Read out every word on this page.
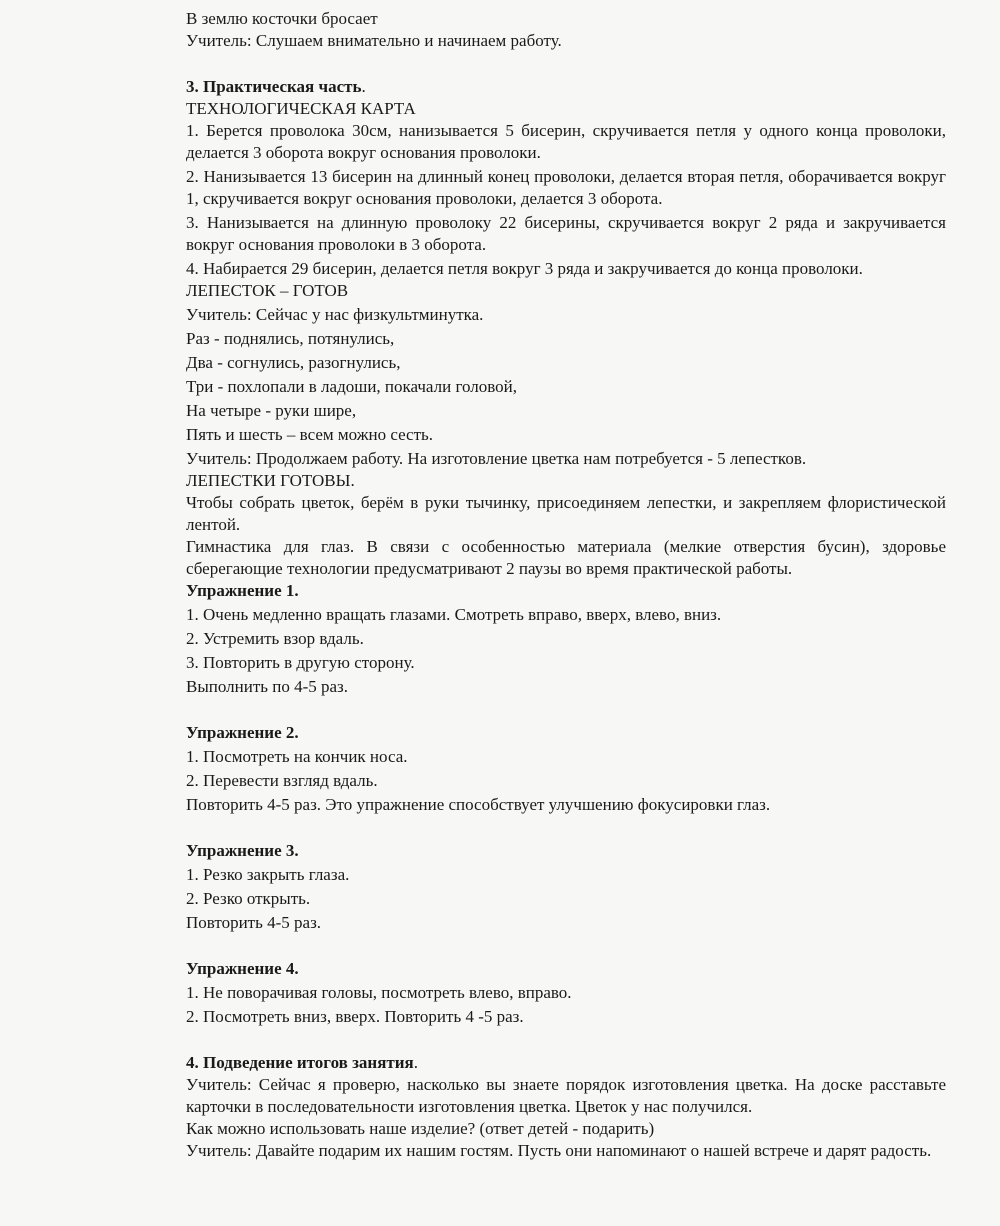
В землю косточки бросает
Учитель: Слушаем внимательно и начинаем работу.
3. Практическая часть.
ТЕХНОЛОГИЧЕСКАЯ КАРТА
1. Берется проволока 30см, нанизывается 5 бисерин, скручивается петля у одного конца проволоки, делается 3 оборота вокруг основания проволоки.
2. Нанизывается 13 бисерин на длинный конец проволоки, делается вторая петля, оборачивается вокруг 1, скручивается вокруг основания проволоки, делается 3 оборота.
3. Нанизывается на длинную проволоку 22 бисерины, скручивается вокруг 2 ряда и закручивается вокруг основания проволоки в 3 оборота.
4. Набирается 29 бисерин, делается петля вокруг 3 ряда и закручивается до конца проволоки.
ЛЕПЕСТОК – ГОТОВ
Учитель: Сейчас у нас физкультминутка.
Раз - поднялись, потянулись,
Два - согнулись, разогнулись,
Три - похлопали в ладоши, покачали головой,
На четыре - руки шире,
Пять и шесть – всем можно сесть.
Учитель: Продолжаем работу. На изготовление цветка нам потребуется - 5 лепестков.
ЛЕПЕСТКИ ГОТОВЫ.
Чтобы собрать цветок, берём в руки тычинку, присоединяем лепестки, и закрепляем флористической лентой.
Гимнастика для глаз. В связи с особенностью материала (мелкие отверстия бусин), здоровье сберегающие технологии предусматривают 2 паузы во время практической работы.
Упражнение 1.
1. Очень медленно вращать глазами. Смотреть вправо, вверх, влево, вниз.
2. Устремить взор вдаль.
3. Повторить в другую сторону.
Выполнить по 4-5 раз.
Упражнение 2.
1. Посмотреть на кончик носа.
2. Перевести взгляд вдаль.
Повторить 4-5 раз. Это упражнение способствует улучшению фокусировки глаз.
Упражнение 3.
1. Резко закрыть глаза.
2. Резко открыть.
Повторить 4-5 раз.
Упражнение 4.
1. Не поворачивая головы, посмотреть влево, вправо.
2. Посмотреть вниз, вверх. Повторить 4 -5 раз.
4. Подведение итогов занятия.
Учитель: Сейчас я проверю, насколько вы знаете порядок изготовления цветка. На доске расставьте карточки в последовательности изготовления цветка. Цветок у нас получился.
Как можно использовать наше изделие? (ответ детей - подарить)
Учитель: Давайте подарим их нашим гостям. Пусть они напоминают о нашей встрече и дарят радость.
